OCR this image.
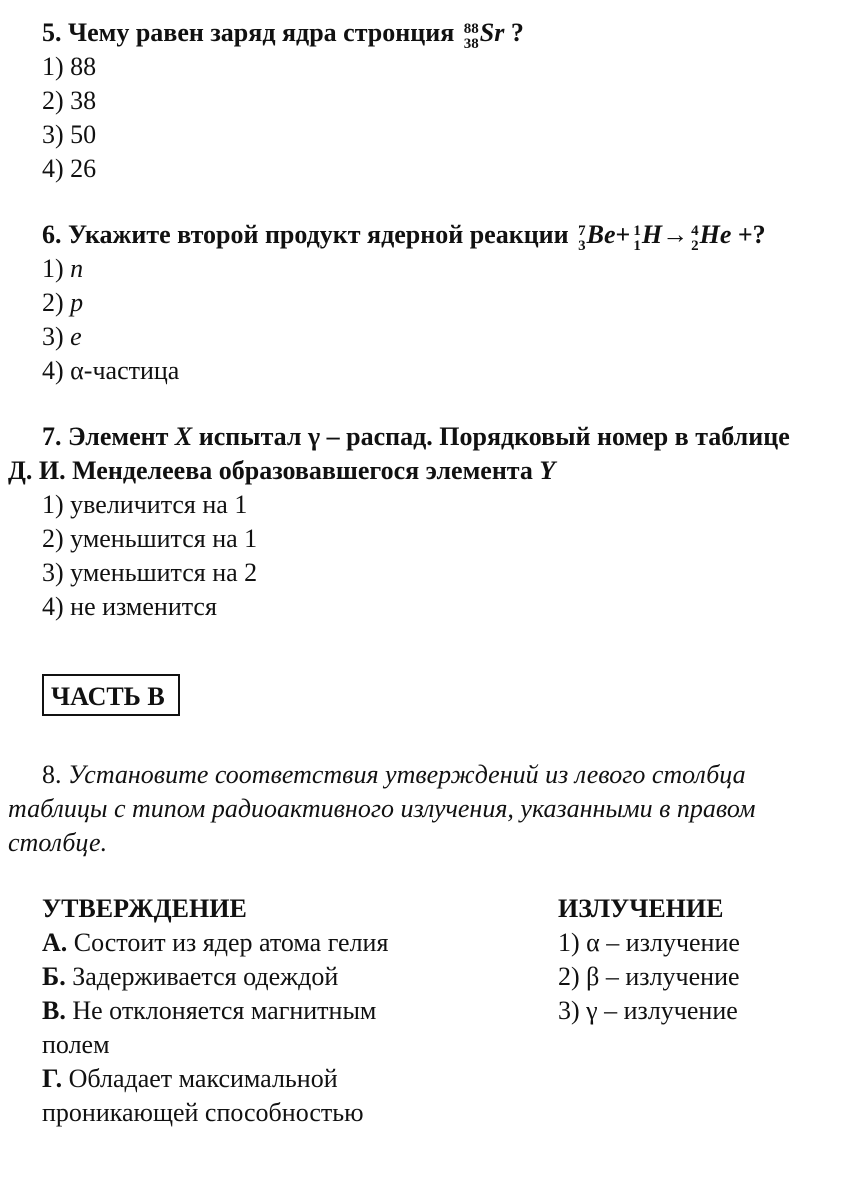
5. Чему равен заряд ядра стронция 88
38 Sr ?
1) 88
2) 38
3) 50
4) 26
6. Укажите второй продукт ядерной реакции 7
3 Be+ 1
1 H→ 4
2 He +?
1) n
2) p
3) e
4) α-частица
7. Элемент X испытал γ – распад. Порядковый номер в таблице
Д. И. Менделеева образовавшегося элемента Y
1) увеличится на 1
2) уменьшится на 1
3) уменьшится на 2
4) не изменится
ЧАСТЬ В
8. Установите соответствия утверждений из левого столбца
таблицы с типом радиоактивного излучения, указанными в правом
столбце.
УТВЕРЖДЕНИЕ	ИЗЛУЧЕНИЕ
А. Состоит из ядер атома гелия
Б. Задерживается одеждой
В. Не отклоняется магнитным
полем
Г. Обладает максимальной
проникающей способностью
1) α – излучение
2) β – излучение
3) γ – излучение
